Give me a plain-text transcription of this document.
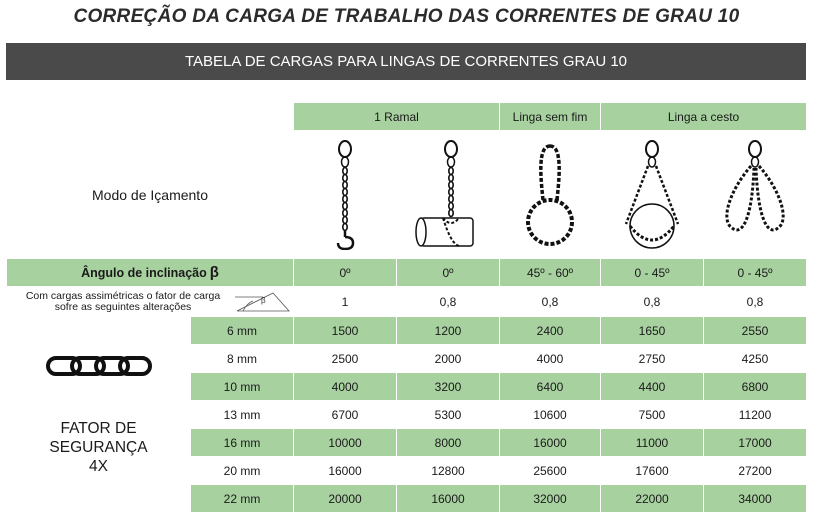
CORREÇÃO DA CARGA DE TRABALHO DAS CORRENTES DE GRAU 10
TABELA DE CARGAS PARA LINGAS DE CORRENTES GRAU 10
		1 Ramal		Linga sem fim	Linga a cesto	
Modo de Içamento	

Ângulo de inclinação β		0º	0º	45º - 60º	0 - 45º	0 - 45º

Com cargas assimétricas o fator de carga
sofre as seguintes alterações
β		1	0,8	0,8	0,8	0,8

FATOR DE
SEGURANÇA
4X	6 mm	1500	1200	2400	1650	2550
	8 mm	2500	2000	4000	2750	4250
	10 mm	4000	3200	6400	4400	6800
	13 mm	6700	5300	10600	7500	11200
	16 mm	10000	8000	16000	11000	17000
	20 mm	16000	12800	25600	17600	27200
	22 mm	20000	16000	32000	22000	34000
